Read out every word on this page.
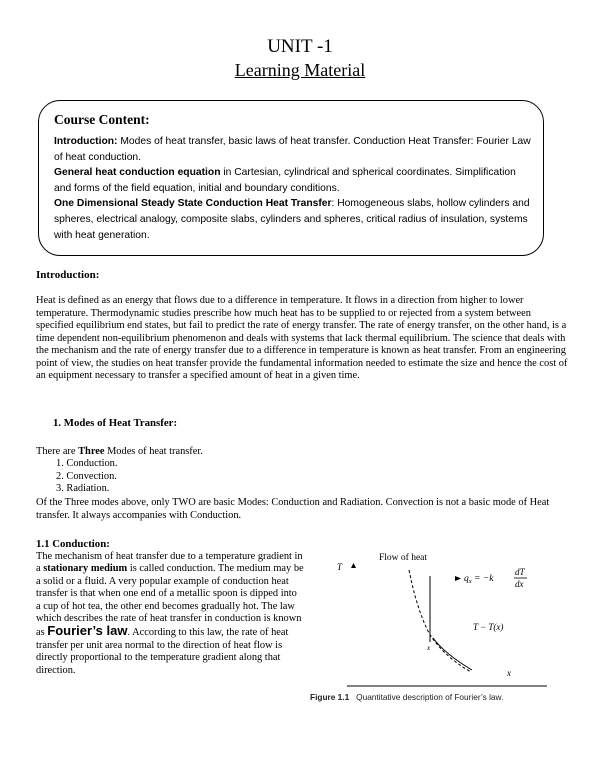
UNIT -1
Learning Material
Course Content:

Introduction: Modes of heat transfer, basic laws of heat transfer. Conduction Heat Transfer: Fourier Law of heat conduction.

General heat conduction equation in Cartesian, cylindrical and spherical coordinates. Simplification and forms of the field equation, initial and boundary conditions.

One Dimensional Steady State Conduction Heat Transfer: Homogeneous slabs, hollow cylinders and spheres, electrical analogy, composite slabs, cylinders and spheres, critical radius of insulation, systems with heat generation.

Introduction:

Heat is defined as an energy that flows due to a difference in temperature. It flows in a direction from higher to lower temperature. Thermodynamic studies prescribe how much heat has to be supplied to or rejected from a system between specified equilibrium end states, but fail to predict the rate of energy transfer. The rate of energy transfer, on the other hand, is a time dependent non-equilibrium phenomenon and deals with systems that lack thermal equilibrium. The science that deals with the mechanism and the rate of energy transfer due to a difference in temperature is known as heat transfer. From an engineering point of view, the studies on heat transfer provide the fundamental information needed to estimate the size and hence the cost of an equipment necessary to transfer a specified amount of heat in a given time.

1. Modes of Heat Transfer:

There are Three Modes of heat transfer.

1. Conduction.
2. Convection.
3. Radiation.

Of the Three modes above, only TWO are basic Modes: Conduction and Radiation. Convection is not a basic mode of Heat transfer. It always accompanies with Conduction.

1.1 Conduction:

The mechanism of heat transfer due to a temperature gradient in a stationary medium is called conduction. The medium may be a solid or a fluid. A very popular example of conduction heat transfer is that when one end of a metallic spoon is dipped into a cup of hot tea, the other end becomes gradually hot. The law which describes the rate of heat transfer in conduction is known as Fourier’s law. According to this law, the rate of heat transfer per unit area normal to the direction of heat flow is directly proportional to the temperature gradient along that direction.

Flow of heat
T
x
$q_x = -k$
dT
dx
T − T(x)
x
Figure 1.1 Quantitative description of Fourier’s law.
